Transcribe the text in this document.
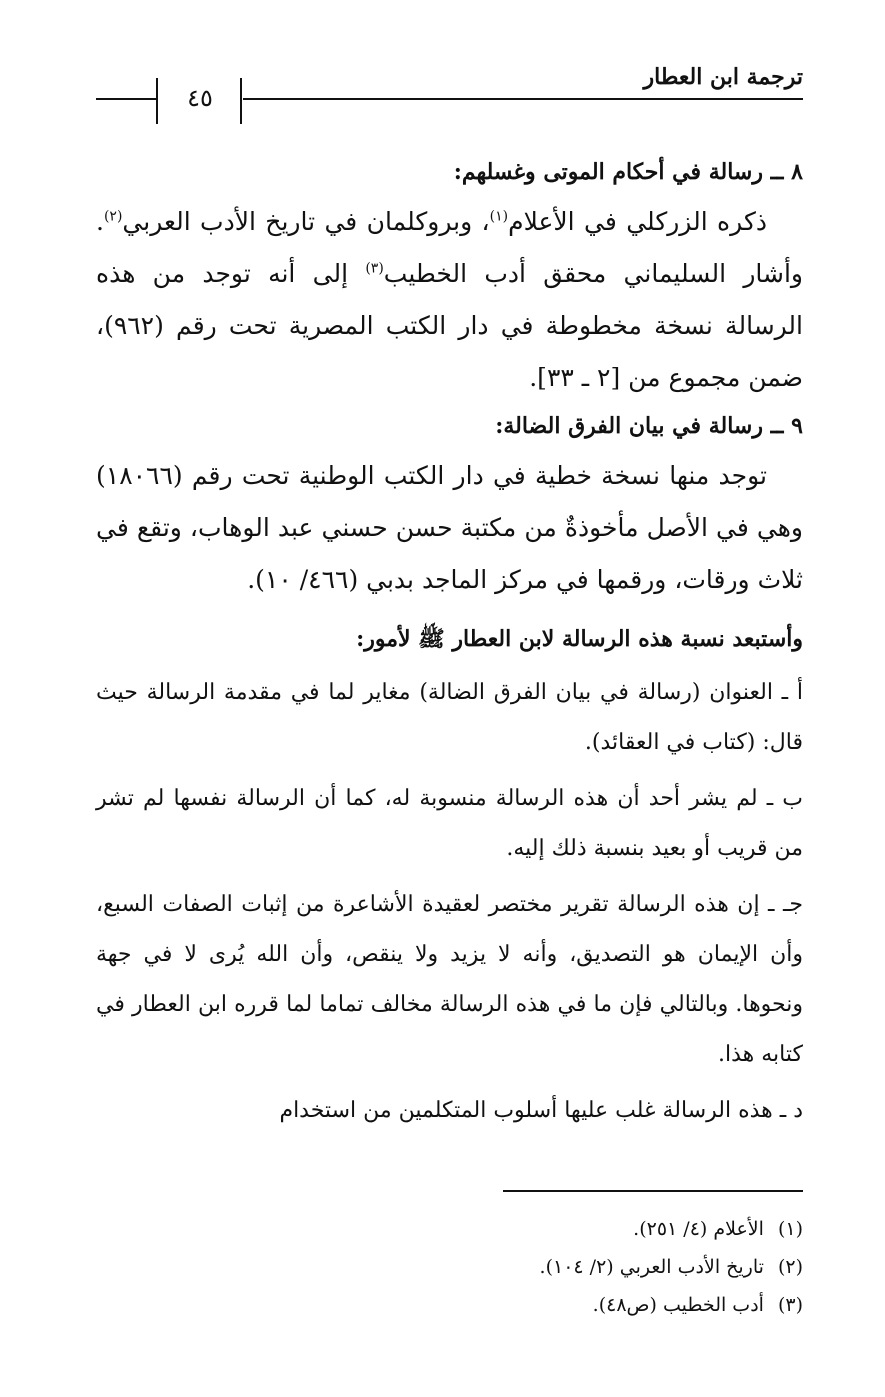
ترجمة ابن العطار
٤٥
٨ ــ رسالة في أحكام الموتى وغسلهم:

ذكره الزركلي في الأعلام$^{(١)}$، وبروكلمان في تاريخ الأدب العربي$^{(٢)}$. وأشار السليماني محقق أدب الخطيب$^{(٣)}$ إلى أنه توجد من هذه الرسالة نسخة مخطوطة في دار الكتب المصرية تحت رقم (٩٦٢)، ضمن مجموع من [٢ ـ ٣٣].

٩ ــ رسالة في بيان الفرق الضالة:

توجد منها نسخة خطية في دار الكتب الوطنية تحت رقم (١٨٠٦٦) وهي في الأصل مأخوذةٌ من مكتبة حسن حسني عبد الوهاب، وتقع في ثلاث ورقات، ورقمها في مركز الماجد بدبي (٤٦٦/ ١٠).

وأستبعد نسبة هذه الرسالة لابن العطار ﷺ لأمور:

أ ـ العنوان (رسالة في بيان الفرق الضالة) مغاير لما في مقدمة الرسالة حيث قال: (كتاب في العقائد).

ب ـ لم يشر أحد أن هذه الرسالة منسوبة له، كما أن الرسالة نفسها لم تشر من قريب أو بعيد بنسبة ذلك إليه.

جـ ـ إن هذه الرسالة تقرير مختصر لعقيدة الأشاعرة من إثبات الصفات السبع، وأن الإيمان هو التصديق، وأنه لا يزيد ولا ينقص، وأن الله يُرى لا في جهة ونحوها. وبالتالي فإن ما في هذه الرسالة مخالف تماما لما قرره ابن العطار في كتابه هذا.

د ـ هذه الرسالة غلب عليها أسلوب المتكلمين من استخدام

(١)الأعلام (٤/ ٢٥١).
(٢)تاريخ الأدب العربي (٢/ ١٠٤).
(٣)أدب الخطيب (ص٤٨).
